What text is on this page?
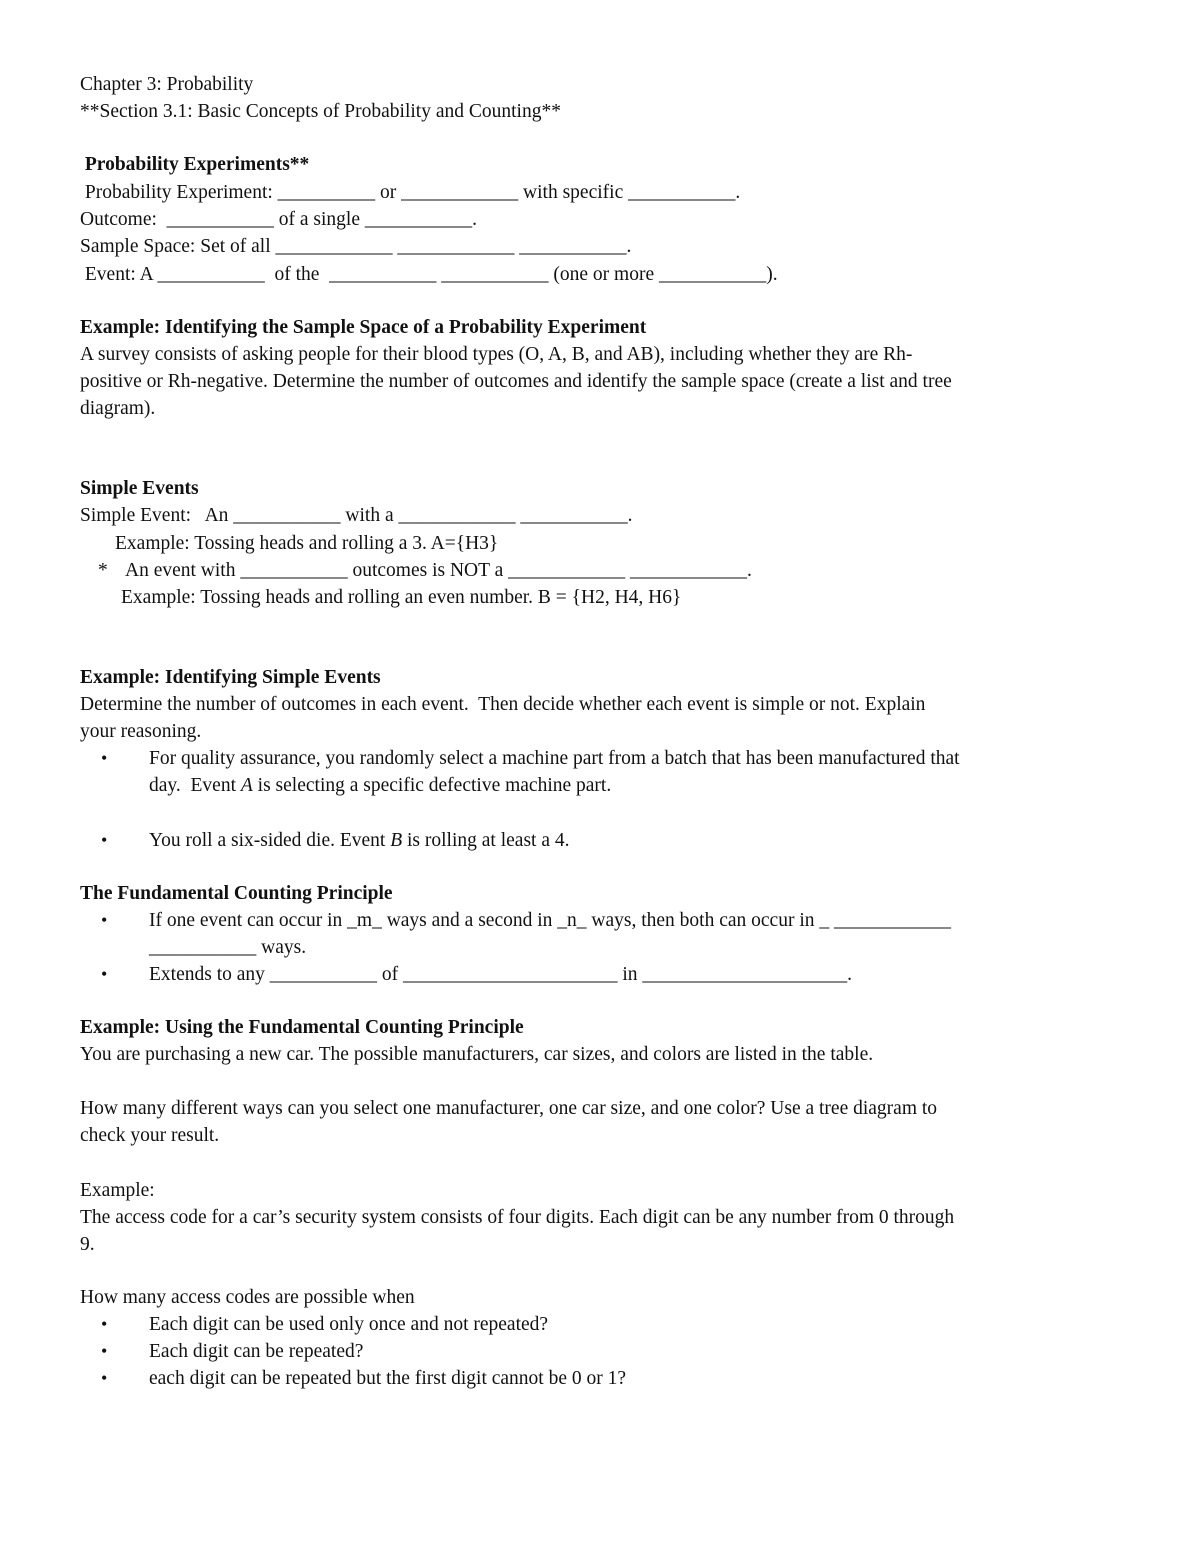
Chapter 3: Probability
**Section 3.1: Basic Concepts of Probability and Counting**
Probability Experiments**
Probability Experiment: __________ or ____________ with specific ___________.
Outcome:  ___________ of a single ___________.
Sample Space: Set of all ____________ ____________ ___________.
Event: A ___________  of the  ___________ ___________ (one or more ___________).
Example: Identifying the Sample Space of a Probability Experiment
A survey consists of asking people for their blood types (O, A, B, and AB), including whether they are Rh-
positive or Rh-negative. Determine the number of outcomes and identify the sample space (create a list and tree
diagram).
Simple Events
Simple Event:   An ___________ with a ____________ ___________.
Example: Tossing heads and rolling a 3. A={H3}
* An event with ___________ outcomes is NOT a ____________ ____________.
Example: Tossing heads and rolling an even number. B = {H2, H4, H6}
Example: Identifying Simple Events
Determine the number of outcomes in each event.  Then decide whether each event is simple or not. Explain
your reasoning.
• For quality assurance, you randomly select a machine part from a batch that has been manufactured that
day.  Event A is selecting a specific defective machine part.
• You roll a six-sided die. Event B is rolling at least a 4.
The Fundamental Counting Principle
• If one event can occur in _m_ ways and a second in _n_ ways, then both can occur in _ ____________
___________ ways.
• Extends to any ___________ of ______________________ in _____________________.
Example: Using the Fundamental Counting Principle
You are purchasing a new car. The possible manufacturers, car sizes, and colors are listed in the table.
How many different ways can you select one manufacturer, one car size, and one color? Use a tree diagram to
check your result.
Example:
The access code for a car’s security system consists of four digits. Each digit can be any number from 0 through
9.
How many access codes are possible when
• Each digit can be used only once and not repeated?
• Each digit can be repeated?
• each digit can be repeated but the first digit cannot be 0 or 1?
